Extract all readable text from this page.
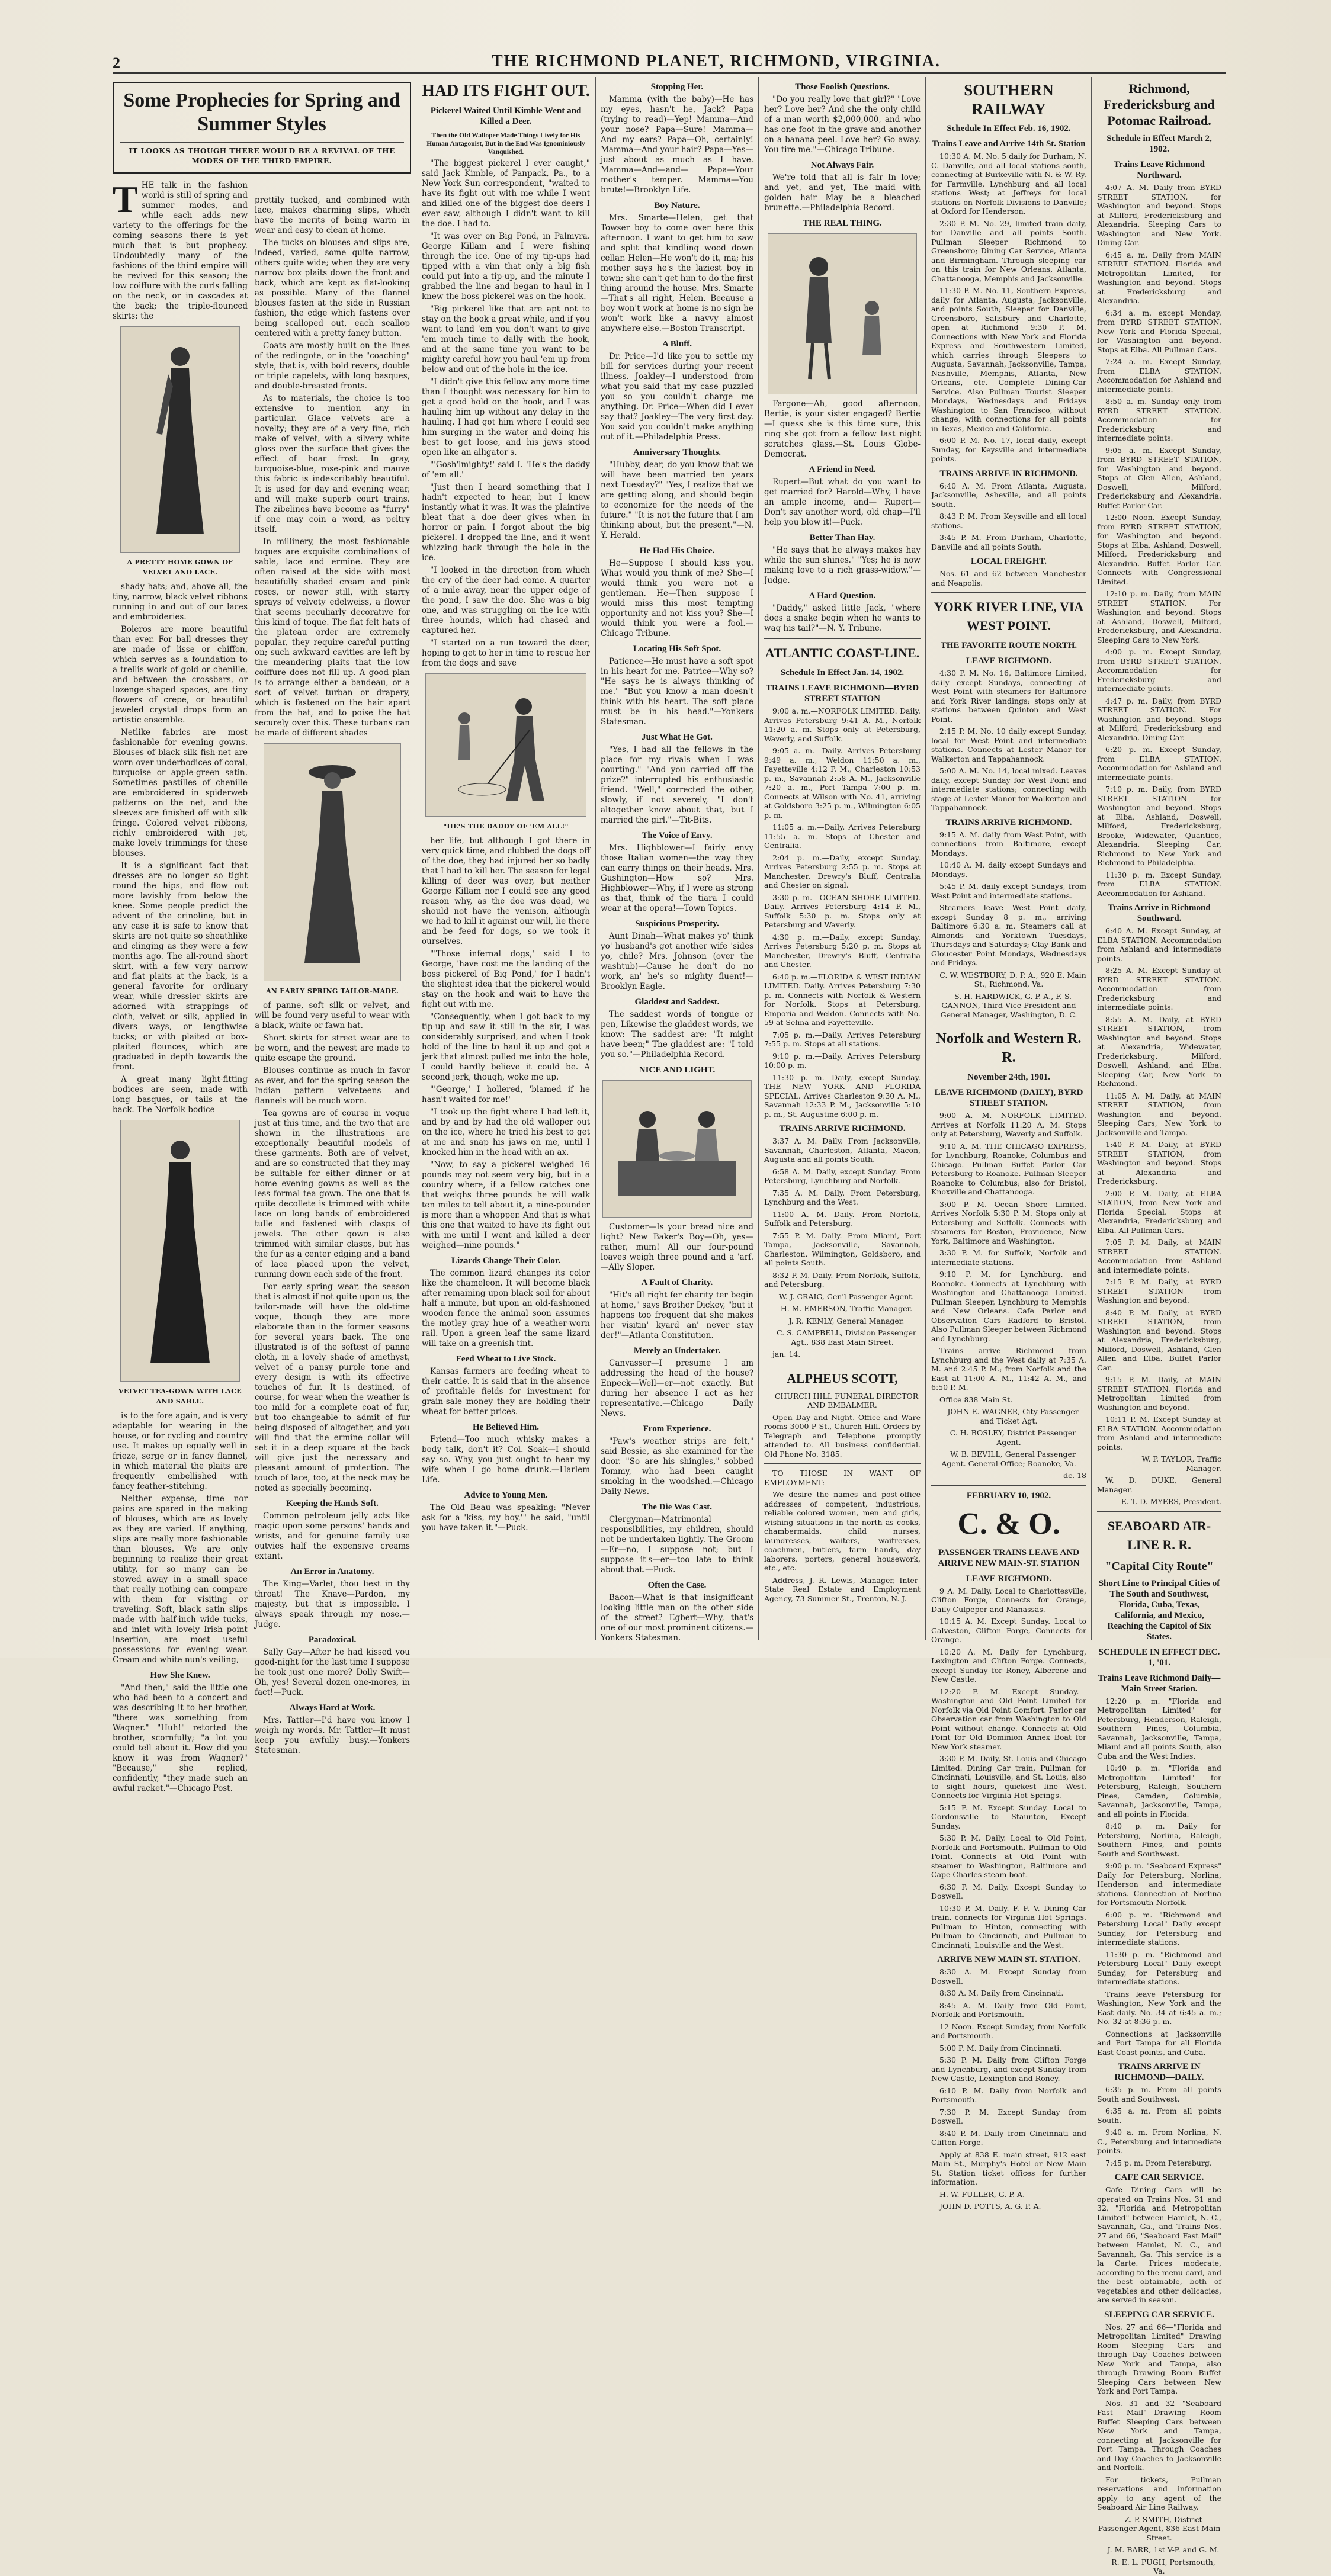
2	THE RICHMOND PLANET, RICHMOND, VIRGINIA.
Some Prophecies for Spring and Summer Styles
IT LOOKS AS THOUGH THERE WOULD BE A REVIVAL OF THE MODES OF THE THIRD EMPIRE.
T HE talk in the fashion world is still of spring and summer modes, and while each adds new variety to the offerings for the coming seasons there is yet much that is but prophecy. Undoubtedly many of the fashions of the third empire will be revived for this season; the low coiffure with the curls falling on the neck, or in cascades at the back; the triple-flounced skirts; the

A PRETTY HOME GOWN OF VELVET AND LACE.

shady hats; and, above all, the tiny, narrow, black velvet ribbons running in and out of our laces and embroideries.

Boleros are more beautiful than ever. For ball dresses they are made of lisse or chiffon, which serves as a foundation to a trellis work of gold or chenille, and between the crossbars, or lozenge-shaped spaces, are tiny flowers of crepe, or beautiful jeweled crystal drops form an artistic ensemble.

Netlike fabrics are most fashionable for evening gowns. Blouses of black silk fish-net are worn over underbodices of coral, turquoise or apple-green satin. Sometimes pastilles of chenille are embroidered in spiderweb patterns on the net, and the sleeves are finished off with silk fringe. Colored velvet ribbons, richly embroidered with jet, make lovely trimmings for these blouses.

It is a significant fact that dresses are no longer so tight round the hips, and flow out more lavishly from below the knee. Some people predict the advent of the crinoline, but in any case it is safe to know that skirts are not quite so sheathlike and clinging as they were a few months ago. The all-round short skirt, with a few very narrow and flat plaits at the back, is a general favorite for ordinary wear, while dressier skirts are adorned with strappings of cloth, velvet or silk, applied in divers ways, or lengthwise tucks; or with plaited or box-plaited flounces, which are graduated in depth towards the front.

A great many light-fitting bodices are seen, made with long basques, or tails at the back. The Norfolk bodice

VELVET TEA-GOWN WITH LACE AND SABLE.

is to the fore again, and is very adaptable for wearing in the house, or for cycling and country use. It makes up equally well in frieze, serge or in fancy flannel, in which material the plaits are frequently embellished with fancy feather-stitching.

Neither expense, time nor pains are spared in the making of blouses, which are as lovely as they are varied. If anything, slips are really more fashionable than blouses. We are only beginning to realize their great utility, for so many can be stowed away in a small space that really nothing can compare with them for visiting or traveling. Soft, black satin slips made with half-inch wide tucks, and inlet with lovely Irish point insertion, are most useful possessions for evening wear. Cream and white nun's veiling,

How She Knew.

"And then," said the little one who had been to a concert and was describing it to her brother, "there was something from Wagner." "Huh!" retorted the brother, scornfully; "a lot you could tell about it. How did you know it was from Wagner?" "Because," she replied, confidently, "they made such an awful racket."—Chicago Post.

prettily tucked, and combined with lace, makes charming slips, which have the merits of being warm in wear and easy to clean at home.

The tucks on blouses and slips are, indeed, varied, some quite narrow, others quite wide; when they are very narrow box plaits down the front and back, which are kept as flat-looking as possible. Many of the flannel blouses fasten at the side in Russian fashion, the edge which fastens over being scalloped out, each scallop centered with a pretty fancy button.

Coats are mostly built on the lines of the redingote, or in the "coaching" style, that is, with bold revers, double or triple capelets, with long basques, and double-breasted fronts.

As to materials, the choice is too extensive to mention any in particular. Glace velvets are a novelty; they are of a very fine, rich make of velvet, with a silvery white gloss over the surface that gives the effect of hoar frost. In gray, turquoise-blue, rose-pink and mauve this fabric is indescribably beautiful. It is used for day and evening wear, and will make superb court trains. The zibelines have become as "furry" if one may coin a word, as peltry itself.

In millinery, the most fashionable toques are exquisite combinations of sable, lace and ermine. They are often raised at the side with most beautifully shaded cream and pink roses, or newer still, with starry sprays of velvety edelweiss, a flower that seems peculiarly decorative for this kind of toque. The flat felt hats of the plateau order are extremely popular, they require careful putting on; such awkward cavities are left by the meandering plaits that the low coiffure does not fill up. A good plan is to arrange either a bandeau, or a sort of velvet turban or drapery, which is fastened on the hair apart from the hat, and to poise the hat securely over this. These turbans can be made of different shades

AN EARLY SPRING TAILOR-MADE.

of panne, soft silk or velvet, and will be found very useful to wear with a black, white or fawn hat.

Short skirts for street wear are to be worn, and the newest are made to quite escape the ground.

Blouses continue as much in favor as ever, and for the spring season the Indian pattern velveteens and flannels will be much worn.

Tea gowns are of course in vogue just at this time, and the two that are shown in the illustrations are exceptionally beautiful models of these garments. Both are of velvet, and are so constructed that they may be suitable for either dinner or at home evening gowns as well as the less formal tea gown. The one that is quite decollete is trimmed with white lace on long bands of embroidered tulle and fastened with clasps of jewels. The other gown is also trimmed with similar clasps, but has the fur as a center edging and a band of lace placed upon the velvet, running down each side of the front.

For early spring wear, the season that is almost if not quite upon us, the tailor-made will have the old-time vogue, though they are more elaborate than in the former seasons for several years back. The one illustrated is of the softest of panne cloth, in a lovely shade of amethyst, velvet of a pansy purple tone and every design is with its effective touches of fur. It is destined, of course, for wear when the weather is too mild for a complete coat of fur, but too changeable to admit of fur being disposed of altogether, and you will find that the ermine collar will set it in a deep square at the back will give just the necessary and pleasant amount of protection. The touch of lace, too, at the neck may be noted as specially becoming.

Keeping the Hands Soft.

Common petroleum jelly acts like magic upon some persons' hands and wrists, and for genuine family use outvies half the expensive creams extant.

An Error in Anatomy.

The King—Varlet, thou liest in thy throat! The Knave—Pardon, my majesty, but that is impossible. I always speak through my nose.—Judge.

Paradoxical.

Sally Gay—After he had kissed you good-night for the last time I suppose he took just one more? Dolly Swift—Oh, yes! Several dozen one-mores, in fact!—Puck.

Always Hard at Work.

Mrs. Tattler—I'd have you know I weigh my words. Mr. Tattler—It must keep you awfully busy.—Yonkers Statesman.

HAD ITS FIGHT OUT.
Pickerel Waited Until Kimble Went and Killed a Deer.
Then the Old Walloper Made Things Lively for His Human Antagonist, But in the End Was Ignominiously Vanquished.

"The biggest pickerel I ever caught," said Jack Kimble, of Panpack, Pa., to a New York Sun correspondent, "waited to have its fight out with me while I went and killed one of the biggest doe deers I ever saw, although I didn't want to kill the doe. I had to.

"It was over on Big Pond, in Palmyra. George Killam and I were fishing through the ice. One of my tip-ups had tipped with a vim that only a big fish could put into a tip-up, and the minute I grabbed the line and began to haul in I knew the boss pickerel was on the hook.

"Big pickerel like that are apt not to stay on the hook a great while, and if you want to land 'em you don't want to give 'em much time to dally with the hook, and at the same time you want to be mighty careful how you haul 'em up from below and out of the hole in the ice.

"I didn't give this fellow any more time than I thought was necessary for him to get a good hold on the hook, and I was hauling him up without any delay in the hauling. I had got him where I could see him surging in the water and doing his best to get loose, and his jaws stood open like an alligator's.

"'Gosh'lmighty!' said I. 'He's the daddy of 'em all.'

"Just then I heard something that I hadn't expected to hear, but I knew instantly what it was. It was the plaintive bleat that a doe deer gives when in horror or pain. I forgot about the big pickerel. I dropped the line, and it went whizzing back through the hole in the ice.

"I looked in the direction from which the cry of the deer had come. A quarter of a mile away, near the upper edge of the pond, I saw the doe. She was a big one, and was struggling on the ice with three hounds, which had chased and captured her.

"I started on a run toward the deer, hoping to get to her in time to rescue her from the dogs and save

"HE'S THE DADDY OF 'EM ALL!"

her life, but although I got there in very quick time, and clubbed the dogs off of the doe, they had injured her so badly that I had to kill her. The season for legal killing of deer was over, but neither George Killam nor I could see any good reason why, as the doe was dead, we should not have the venison, although we had to kill it against our will, lie there and be feed for dogs, so we took it ourselves.

"'Those infernal dogs,' said I to George, 'have cost me the landing of the boss pickerel of Big Pond,' for I hadn't the slightest idea that the pickerel would stay on the hook and wait to have the fight out with me.

"Consequently, when I got back to my tip-up and saw it still in the air, I was considerably surprised, and when I took hold of the line to haul it up and got a jerk that almost pulled me into the hole, I could hardly believe it could be. A second jerk, though, woke me up.

"'George,' I hollered, 'blamed if he hasn't waited for me!'

"I took up the fight where I had left it, and by and by had the old walloper out on the ice, where he tried his best to get at me and snap his jaws on me, until I knocked him in the head with an ax.

"Now, to say a pickerel weighed 16 pounds may not seem very big, but in a country where, if a fellow catches one that weighs three pounds he will walk ten miles to tell about it, a nine-pounder is more than a whopper. And that is what this one that waited to have its fight out with me until I went and killed a deer weighed—nine pounds."

Lizards Change Their Color.

The common lizard changes its color like the chameleon. It will become black after remaining upon black soil for about half a minute, but upon an old-fashioned wooden fence the animal soon assumes the motley gray hue of a weather-worn rail. Upon a green leaf the same lizard will take on a greenish tint.

Feed Wheat to Live Stock.

Kansas farmers are feeding wheat to their cattle. It is said that in the absence of profitable fields for investment for grain-sale money they are holding their wheat for better prices.

He Believed Him.

Friend—Too much whisky makes a body talk, don't it? Col. Soak—I should say so. Why, you just ought to hear my wife when I go home drunk.—Harlem Life.

Advice to Young Men.

The Old Beau was speaking: "Never ask for a 'kiss, my boy,'" he said, "until you have taken it."—Puck.

Stopping Her.

Mamma (with the baby)—He has my eyes, hasn't he, Jack? Papa (trying to read)—Yep! Mamma—And your nose? Papa—Sure! Mamma—And my ears? Papa—Oh, certainly! Mamma—And your hair? Papa—Yes—just about as much as I have. Mamma—And—and— Papa—Your mother's temper. Mamma—You brute!—Brooklyn Life.

Boy Nature.

Mrs. Smarte—Helen, get that Towser boy to come over here this afternoon. I want to get him to saw and split that kindling wood down cellar. Helen—He won't do it, ma; his mother says he's the laziest boy in town; she can't get him to do the first thing around the house. Mrs. Smarte—That's all right, Helen. Because a boy won't work at home is no sign he won't work like a navvy almost anywhere else.—Boston Transcript.

A Bluff.

Dr. Price—I'd like you to settle my bill for services during your recent illness. Joakley—I understood from what you said that my case puzzled you so you couldn't charge me anything. Dr. Price—When did I ever say that? Joakley—The very first day. You said you couldn't make anything out of it.—Philadelphia Press.

Anniversary Thoughts.

"Hubby, dear, do you know that we will have been married ten years next Tuesday?" "Yes, I realize that we are getting along, and should begin to economize for the needs of the future." "It is not the future that I am thinking about, but the present."—N. Y. Herald.

He Had His Choice.

He—Suppose I should kiss you. What would you think of me? She—I would think you were not a gentleman. He—Then suppose I would miss this most tempting opportunity and not kiss you? She—I would think you were a fool.—Chicago Tribune.

Locating His Soft Spot.

Patience—He must have a soft spot in his heart for me. Patrice—Why so? "He says he is always thinking of me." "But you know a man doesn't think with his heart. The soft place must be in his head."—Yonkers Statesman.

Just What He Got.

"Yes, I had all the fellows in the place for my rivals when I was courting." "And you carried off the prize?" interrupted his enthusiastic friend. "Well," corrected the other, slowly, if not severely, "I don't altogether know about that, but I married the girl."—Tit-Bits.

The Voice of Envy.

Mrs. Highblower—I fairly envy those Italian women—the way they can carry things on their heads. Mrs. Gushington—How so? Mrs. Highblower—Why, if I were as strong as that, think of the tiara I could wear at the opera!—Town Topics.

Suspicious Prosperity.

Aunt Dinah—What makes yo' think yo' husband's got another wife 'sides yo, chile? Mrs. Johnson (over the washtub)—Cause he don't do no work, an' he's so mighty fluent!—Brooklyn Eagle.

Gladdest and Saddest.

The saddest words of tongue or pen, Likewise the gladdest words, we know: The saddest are: "It might have been;" The gladdest are: "I told you so."—Philadelphia Record.

NICE AND LIGHT.

Customer—Is your bread nice and light? New Baker's Boy—Oh, yes—rather, mum! All our four-pound loaves weigh three pound and a 'arf.—Ally Sloper.

A Fault of Charity.

"Hit's all right fer charity ter begin at home," says Brother Dickey, "but it happens too frequent dat she makes her visitin' kyard an' never stay der!"—Atlanta Constitution.

Merely an Undertaker.

Canvasser—I presume I am addressing the head of the house? Enpeck—Well—er—not exactly. But during her absence I act as her representative.—Chicago Daily News.

From Experience.

"Paw's weather strips are felt," said Bessie, as she examined for the door. "So are his shingles," sobbed Tommy, who had been caught smoking in the woodshed.—Chicago Daily News.

The Die Was Cast.

Clergyman—Matrimonial responsibilities, my children, should not be undertaken lightly. The Groom—Er—no, I suppose not; but I suppose it's—er—too late to think about that.—Puck.

Often the Case.

Bacon—What is that insignificant looking little man on the other side of the street? Egbert—Why, that's one of our most prominent citizens.—Yonkers Statesman.

Those Foolish Questions.

"Do you really love that girl?" "Love her? Love her? And she the only child of a man worth $2,000,000, and who has one foot in the grave and another on a banana peel. Love her? Go away. You tire me."—Chicago Tribune.

Not Always Fair.

We're told that all is fair In love; and yet, and yet, The maid with golden hair May be a bleached brunette.—Philadelphia Record.

THE REAL THING.

Fargone—Ah, good afternoon, Bertie, is your sister engaged? Bertie—I guess she is this time sure, this ring she got from a fellow last night scratches glass.—St. Louis Globe-Democrat.

A Friend in Need.

Rupert—But what do you want to get married for? Harold—Why, I have an ample income, and— Rupert—Don't say another word, old chap—I'll help you blow it!—Puck.

Better Than Hay.

"He says that he always makes hay while the sun shines." "Yes; he is now making love to a rich grass-widow."—Judge.

A Hard Question.

"Daddy," asked little Jack, "where does a snake begin when he wants to wag his tail?"—N. Y. Tribune.

ATLANTIC COAST-LINE.
Schedule In Effect Jan. 14, 1902.
TRAINS LEAVE RICHMOND—BYRD STREET STATION

9:00 a. m.—NORFOLK LIMITED. Daily. Arrives Petersburg 9:41 A. M., Norfolk 11:20 a. m. Stops only at Petersburg, Waverly, and Suffolk.

9:05 a. m.—Daily. Arrives Petersburg 9:49 a. m., Weldon 11:50 a. m., Fayetteville 4:12 P. M., Charleston 10:53 p. m., Savannah 2:58 A. M., Jacksonville 7:20 a. m., Port Tampa 7:00 p. m. Connects at Wilson with No. 41, arriving at Goldsboro 3:25 p. m., Wilmington 6:05 p. m.

11:05 a. m.—Daily. Arrives Petersburg 11:55 a. m. Stops at Chester and Centralia.

2:04 p. m.—Daily, except Sunday. Arrives Petersburg 2:55 p. m. Stops at Manchester, Drewry's Bluff, Centralia and Chester on signal.

3:30 p. m.—OCEAN SHORE LIMITED. Daily. Arrives Petersburg 4:14 P. M., Suffolk 5:30 p. m. Stops only at Petersburg and Waverly.

4:30 p. m.—Daily, except Sunday. Arrives Petersburg 5:20 p. m. Stops at Manchester, Drewry's Bluff, Centralia and Chester.

6:40 p. m.—FLORIDA & WEST INDIAN LIMITED. Daily. Arrives Petersburg 7:30 p. m. Connects with Norfolk & Western for Norfolk. Stops at Petersburg, Emporia and Weldon. Connects with No. 59 at Selma and Fayetteville.

7:05 p. m.—Daily. Arrives Petersburg 7:55 p. m. Stops at all stations.

9:10 p. m.—Daily. Arrives Petersburg 10:00 p. m.

11:30 p. m.—Daily, except Sunday. THE NEW YORK AND FLORIDA SPECIAL. Arrives Charleston 9:30 A. M., Savannah 12:33 P. M., Jacksonville 5:10 p. m., St. Augustine 6:00 p. m.

TRAINS ARRIVE RICHMOND.

3:37 A. M. Daily. From Jacksonville, Savannah, Charleston, Atlanta, Macon, Augusta and all points South.

6:58 A. M. Daily, except Sunday. From Petersburg, Lynchburg and Norfolk.

7:35 A. M. Daily. From Petersburg, Lynchburg and the West.

11:00 A. M. Daily. From Norfolk, Suffolk and Petersburg.

7:55 P. M. Daily. From Miami, Port Tampa, Jacksonville, Savannah, Charleston, Wilmington, Goldsboro, and all points South.

8:32 P. M. Daily. From Norfolk, Suffolk, and Petersburg.

W. J. CRAIG, Gen'l Passenger Agent.

H. M. EMERSON, Traffic Manager.

J. R. KENLY, General Manager.

C. S. CAMPBELL, Division Passenger Agt., 838 East Main Street.

jan. 14.

ALPHEUS SCOTT,

CHURCH HILL FUNERAL DIRECTOR AND EMBALMER.

Open Day and Night. Office and Ware rooms 3000 P St., Church Hill. Orders by Telegraph and Telephone promptly attended to. All business confidential. Old Phone No. 3185.

TO THOSE IN WANT OF EMPLOYMENT:

We desire the names and post-office addresses of competent, industrious, reliable colored women, men and girls, wishing situations in the north as cooks, chambermaids, child nurses, laundresses, waiters, waitresses, coachmen, butlers, farm hands, day laborers, porters, general housework, etc., etc.

Address, J. R. Lewis, Manager, Inter-State Real Estate and Employment Agency, 73 Summer St., Trenton, N. J.

SOUTHERN RAILWAY
Schedule In Effect Feb. 16, 1902.
Trains Leave and Arrive 14th St. Station

10:30 A. M. No. 5 daily for Durham, N. C. Danville, and all local stations south, connecting at Burkeville with N. & W. Ry. for Farmville, Lynchburg and all local stations West; at Jeffreys for local stations on Norfolk Divisions to Danville; at Oxford for Henderson.

2:30 P. M. No. 29, limited train daily, for Danville and all points South. Pullman Sleeper Richmond to Greensboro; Dining Car Service, Atlanta and Birmingham. Through sleeping car on this train for New Orleans, Atlanta, Chattanooga, Memphis and Jacksonville.

11:30 P. M. No. 11, Southern Express, daily for Atlanta, Augusta, Jacksonville, and points South; Sleeper for Danville, Greensboro, Salisbury and Charlotte, open at Richmond 9:30 P. M. Connections with New York and Florida Express and Southwestern Limited, which carries through Sleepers to Augusta, Savannah, Jacksonville, Tampa, Nashville, Memphis, Atlanta, New Orleans, etc. Complete Dining-Car Service. Also Pullman Tourist Sleeper Mondays, Wednesdays and Fridays Washington to San Francisco, without change, with connections for all points in Texas, Mexico and California.

6:00 P. M. No. 17, local daily, except Sunday, for Keysville and intermediate points.

TRAINS ARRIVE IN RICHMOND.

6:40 A. M. From Atlanta, Augusta, Jacksonville, Asheville, and all points South.

8:43 P. M. From Keysville and all local stations.

3:45 P. M. From Durham, Charlotte, Danville and all points South.

LOCAL FREIGHT.

Nos. 61 and 62 between Manchester and Neapolis.

YORK RIVER LINE, VIA WEST POINT.
THE FAVORITE ROUTE NORTH.
LEAVE RICHMOND.

4:30 P. M. No. 16, Baltimore Limited, daily except Sundays, connecting at West Point with steamers for Baltimore and York River landings; stops only at stations between Quinton and West Point.

2:15 P. M. No. 10 daily except Sunday, local for West Point and intermediate stations. Connects at Lester Manor for Walkerton and Tappahannock.

5:00 A. M. No. 14, local mixed. Leaves daily, except Sunday for West Point and intermediate stations; connecting with stage at Lester Manor for Walkerton and Tappahannock.

TRAINS ARRIVE RICHMOND.

9:15 A. M. daily from West Point, with connections from Baltimore, except Mondays.

10:40 A. M. daily except Sundays and Mondays.

5:45 P. M. daily except Sundays, from West Point and intermediate stations.

Steamers leave West Point daily, except Sunday 8 p. m., arriving Baltimore 6:30 a. m. Steamers call at Almonds and Yorktown Tuesdays, Thursdays and Saturdays; Clay Bank and Gloucester Point Mondays, Wednesdays and Fridays.

C. W. WESTBURY, D. P. A., 920 E. Main St., Richmond, Va.

S. H. HARDWICK, G. P. A., F. S. GANNON, Third Vice-President and General Manager, Washington, D. C.

Norfolk and Western R. R.
November 24th, 1901.
LEAVE RICHMOND (DAILY), BYRD STREET STATION.

9:00 A. M. NORFOLK LIMITED. Arrives at Norfolk 11:20 A. M. Stops only at Petersburg, Waverly and Suffolk.

9:10 A. M. THE CHICAGO EXPRESS, for Lynchburg, Roanoke, Columbus and Chicago. Pullman Buffet Parlor Car Petersburg to Roanoke. Pullman Sleeper Roanoke to Columbus; also for Bristol, Knoxville and Chattanooga.

3:00 P. M. Ocean Shore Limited. Arrives Norfolk 5:30 P. M. Stops only at Petersburg and Suffolk. Connects with steamers for Boston, Providence, New York, Baltimore and Washington.

3:30 P. M. for Suffolk, Norfolk and intermediate stations.

9:10 P. M. for Lynchburg, and Roanoke. Connects at Lynchburg with Washington and Chattanooga Limited. Pullman Sleeper, Lynchburg to Memphis and New Orleans. Cafe Parlor and Observation Cars Radford to Bristol. Also Pullman Sleeper between Richmond and Lynchburg.

Trains arrive Richmond from Lynchburg and the West daily at 7:35 A. M. and 2:45 P. M.; from Norfolk and the East at 11:00 A. M., 11:42 A. M., and 6:50 P. M.

Office 838 Main St.

JOHN E. WAGNER, City Passenger and Ticket Agt.

C. H. BOSLEY, District Passenger Agent.

W. B. BEVILL, General Passenger Agent. General Office; Roanoke, Va.

dc. 18

FEBRUARY 10, 1902.
C. & O.
PASSENGER TRAINS LEAVE AND ARRIVE NEW MAIN-ST. STATION
LEAVE RICHMOND.

9 A. M. Daily. Local to Charlottesville, Clifton Forge, Connects for Orange, Daily Culpeper and Manassas.

10:15 A. M. Except Sunday. Local to Galveston, Clifton Forge, Connects for Orange.

10:20 A. M. Daily for Lynchburg, Lexington and Clifton Forge. Connects, except Sunday for Roney, Alberene and New Castle.

12:20 P. M. Except Sunday.—Washington and Old Point Limited for Norfolk via Old Point Comfort. Parlor car Observation car from Washington to Old Point without change. Connects at Old Point for Old Dominion Annex Boat for New York steamer.

3:30 P. M. Daily, St. Louis and Chicago Limited. Dining Car train, Pullman for Cincinnati, Louisville, and St. Louis, also to sight hours, quickest line West. Connects for Virginia Hot Springs.

5:15 P. M. Except Sunday. Local to Gordonsville to Staunton, Except Sunday.

5:30 P. M. Daily. Local to Old Point, Norfolk and Portsmouth. Pullman to Old Point. Connects at Old Point with steamer to Washington, Baltimore and Cape Charles steam boat.

6:30 P. M. Daily. Except Sunday to Doswell.

10:30 P. M. Daily. F. F. V. Dining Car train, connects for Virginia Hot Springs. Pullman to Hinton, connecting with Pullman to Cincinnati, and Pullman to Cincinnati, Louisville and the West.

ARRIVE NEW MAIN ST. STATION.

8:30 A. M. Except Sunday from Doswell.

8:30 A. M. Daily from Cincinnati.

8:45 A. M. Daily from Old Point, Norfolk and Portsmouth.

12 Noon. Except Sunday, from Norfolk and Portsmouth.

5:00 P. M. Daily from Cincinnati.

5:30 P. M. Daily from Clifton Forge and Lynchburg, and except Sunday from New Castle, Lexington and Roney.

6:10 P. M. Daily from Norfolk and Portsmouth.

7:30 P. M. Except Sunday from Doswell.

8:40 P. M. Daily from Cincinnati and Clifton Forge.

Apply at 838 E. main street, 912 east Main St., Murphy's Hotel or New Main St. Station ticket offices for further information.

H. W. FULLER, G. P. A.

JOHN D. POTTS, A. G. P. A.

Richmond, Fredericksburg and Potomac Railroad.
Schedule in Effect March 2, 1902.
Trains Leave Richmond Northward.

4:07 A. M. Daily from BYRD STREET STATION, for Washington and beyond. Stops at Milford, Fredericksburg and Alexandria. Sleeping Cars to Washington and New York. Dining Car.

6:45 a. m. Daily from MAIN STREET STATION. Florida and Metropolitan Limited, for Washington and beyond. Stops at Fredericksburg and Alexandria.

6:34 a. m. except Monday, from BYRD STREET STATION. New York and Florida Special, for Washington and beyond. Stops at Elba. All Pullman Cars.

7:24 a. m. Except Sunday, from ELBA STATION. Accommodation for Ashland and intermediate points.

8:50 a. m. Sunday only from BYRD STREET STATION. Accommodation for Fredericksburg and intermediate points.

9:05 a. m. Except Sunday, from BYRD STREET STATION, for Washington and beyond. Stops at Glen Allen, Ashland, Doswell, Milford, Fredericksburg and Alexandria. Buffet Parlor Car.

12:00 Noon. Except Sunday, from BYRD STREET STATION, for Washington and beyond. Stops at Elba, Ashland, Doswell, Milford, Fredericksburg and Alexandria. Buffet Parlor Car. Connects with Congressional Limited.

12:10 p. m. Daily, from MAIN STREET STATION. For Washington and beyond. Stops at Ashland, Doswell, Milford, Fredericksburg, and Alexandria. Sleeping Cars to New York.

4:00 p. m. Except Sunday, from BYRD STREET STATION. Accommodation for Fredericksburg and intermediate points.

4:47 p. m. Daily, from BYRD STREET STATION. For Washington and beyond. Stops at Milford, Fredericksburg and Alexandria. Dining Car.

6:20 p. m. Except Sunday, from ELBA STATION. Accommodation for Ashland and intermediate points.

7:10 p. m. Daily, from BYRD STREET STATION for Washington and beyond. Stops at Elba, Ashland, Doswell, Milford, Fredericksburg, Brooke, Widewater, Quantico, Alexandria. Sleeping Car, Richmond to New York and Richmond to Philadelphia.

11:30 p. m. Except Sunday, from ELBA STATION. Accommodation for Ashland.

Trains Arrive in Richmond Southward.

6:40 A. M. Except Sunday, at ELBA STATION. Accommodation from Ashland and intermediate points.

8:25 A. M. Except Sunday at BYRD STREET STATION. Accommodation from Fredericksburg and intermediate points.

8:55 A. M. Daily, at BYRD STREET STATION, from Washington and beyond. Stops at Alexandria, Widewater, Fredericksburg, Milford, Doswell, Ashland, and Elba. Sleeping Car, New York to Richmond.

11:05 A. M. Daily, at MAIN STREET STATION, from Washington and beyond. Sleeping Cars, New York to Jacksonville and Tampa.

1:40 P. M. Daily, at BYRD STREET STATION, from Washington and beyond. Stops at Alexandria and Fredericksburg.

2:00 P. M. Daily, at ELBA STATION, from New York and Florida Special. Stops at Alexandria, Fredericksburg and Elba. All Pullman Cars.

7:05 P. M. Daily, at MAIN STREET STATION. Accommodation from Ashland and intermediate points.

7:15 P. M. Daily, at BYRD STREET STATION from Washington and beyond.

8:40 P. M. Daily, at BYRD STREET STATION, from Washington and beyond. Stops at Alexandria, Fredericksburg, Milford, Doswell, Ashland, Glen Allen and Elba. Buffet Parlor Car.

9:15 P. M. Daily, at MAIN STREET STATION. Florida and Metropolitan Limited from Washington and beyond.

10:11 P. M. Except Sunday at ELBA STATION. Accommodation from Ashland and intermediate points.

W. P. TAYLOR, Traffic Manager.

W. D. DUKE, General Manager.

E. T. D. MYERS, President.

SEABOARD AIR-LINE R. R.
"Capital City Route"
Short Line to Principal Cities of The South and Southwest, Florida, Cuba, Texas, California, and Mexico, Reaching the Capitol of Six States.
SCHEDULE IN EFFECT DEC. 1, '01.
Trains Leave Richmond Daily—Main Street Station.

12:20 p. m. "Florida and Metropolitan Limited" for Petersburg, Henderson, Raleigh, Southern Pines, Columbia, Savannah, Jacksonville, Tampa, Miami and all points South, also Cuba and the West Indies.

10:40 p. m. "Florida and Metropolitan Limited" for Petersburg, Raleigh, Southern Pines, Camden, Columbia, Savannah, Jacksonville, Tampa, and all points in Florida.

8:40 p. m. Daily for Petersburg, Norlina, Raleigh, Southern Pines, and points South and Southwest.

9:00 p. m. "Seaboard Express" Daily for Petersburg, Norlina, Henderson and intermediate stations. Connection at Norlina for Portsmouth-Norfolk.

6:00 p. m. "Richmond and Petersburg Local" Daily except Sunday, for Petersburg and intermediate stations.

11:30 p. m. "Richmond and Petersburg Local" Daily except Sunday, for Petersburg and intermediate stations.

Trains leave Petersburg for Washington, New York and the East daily. No. 34 at 6:45 a. m.; No. 32 at 8:36 p. m.

Connections at Jacksonville and Port Tampa for all Florida East Coast points, and Cuba.

TRAINS ARRIVE IN RICHMOND—DAILY.

6:35 p. m. From all points South and Southwest.

6:35 a. m. From all points South.

9:40 a. m. From Norlina, N. C., Petersburg and intermediate points.

7:45 p. m. From Petersburg.

CAFE CAR SERVICE.

Cafe Dining Cars will be operated on Trains Nos. 31 and 32, "Florida and Metropolitan Limited" between Hamlet, N. C., Savannah, Ga., and Trains Nos. 27 and 66, "Seaboard Fast Mail" between Hamlet, N. C., and Savannah, Ga. This service is a la Carte. Prices moderate, according to the menu card, and the best obtainable, both of vegetables and other delicacies, are served in season.

SLEEPING CAR SERVICE.

Nos. 27 and 66—"Florida and Metropolitan Limited" Drawing Room Sleeping Cars and through Day Coaches between New York and Tampa, also through Drawing Room Buffet Sleeping Cars between New York and Port Tampa.

Nos. 31 and 32—"Seaboard Fast Mail"—Drawing Room Buffet Sleeping Cars between New York and Tampa, connecting at Jacksonville for Port Tampa. Through Coaches and Day Coaches to Jacksonville and Norfolk.

For tickets, Pullman reservations and information apply to any agent of the Seaboard Air Line Railway.

Z. P. SMITH, District Passenger Agent, 836 East Main Street.

J. M. BARR, 1st V-P. and G. M.

R. E. L. PUGH, Portsmouth, Va.
